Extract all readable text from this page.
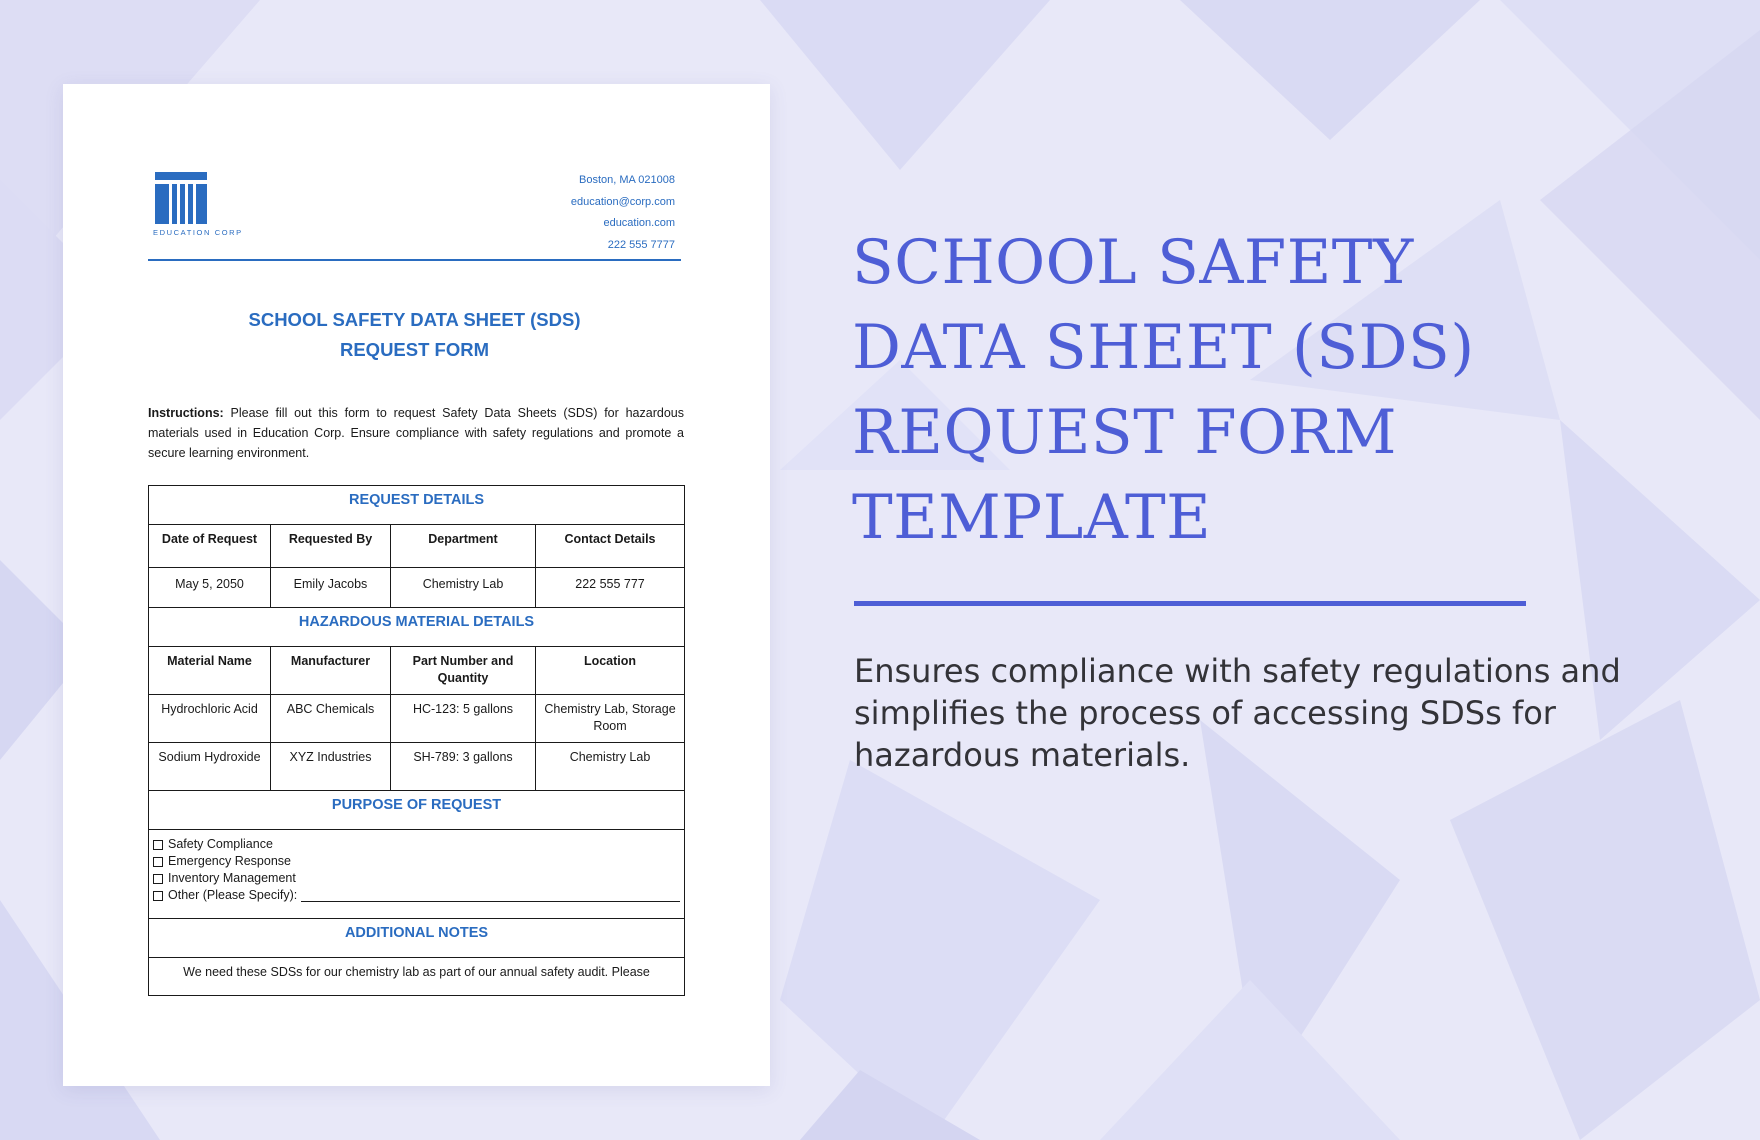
EDUCATION CORP
Boston, MA 021008
education@corp.com
education.com
222 555 7777
SCHOOL SAFETY DATA SHEET (SDS)
REQUEST FORM
Instructions: Please fill out this form to request Safety Data Sheets (SDS) for hazardous materials used in Education Corp. Ensure compliance with safety regulations and promote a secure learning environment.
REQUEST DETAILS			
Date of Request	Requested By	Department	Contact Details
May 5, 2050	Emily Jacobs	Chemistry Lab	222 555 777
HAZARDOUS MATERIAL DETAILS			
Material Name	Manufacturer	Part Number and Quantity	Location
Hydrochloric Acid	ABC Chemicals	HC-123: 5 gallons	Chemistry Lab, Storage Room
Sodium Hydroxide	XYZ Industries	SH-789: 3 gallons	Chemistry Lab
PURPOSE OF REQUEST			

Safety Compliance
Emergency Response
Inventory Management
Other (Please Specify):			

ADDITIONAL NOTES			
We need these SDSs for our chemistry lab as part of our annual safety audit. Please			
SCHOOL SAFETY
DATA SHEET (SDS)
REQUEST FORM
TEMPLATE
Ensures compliance with safety regulations and
simplifies the process of accessing SDSs for
hazardous materials.
